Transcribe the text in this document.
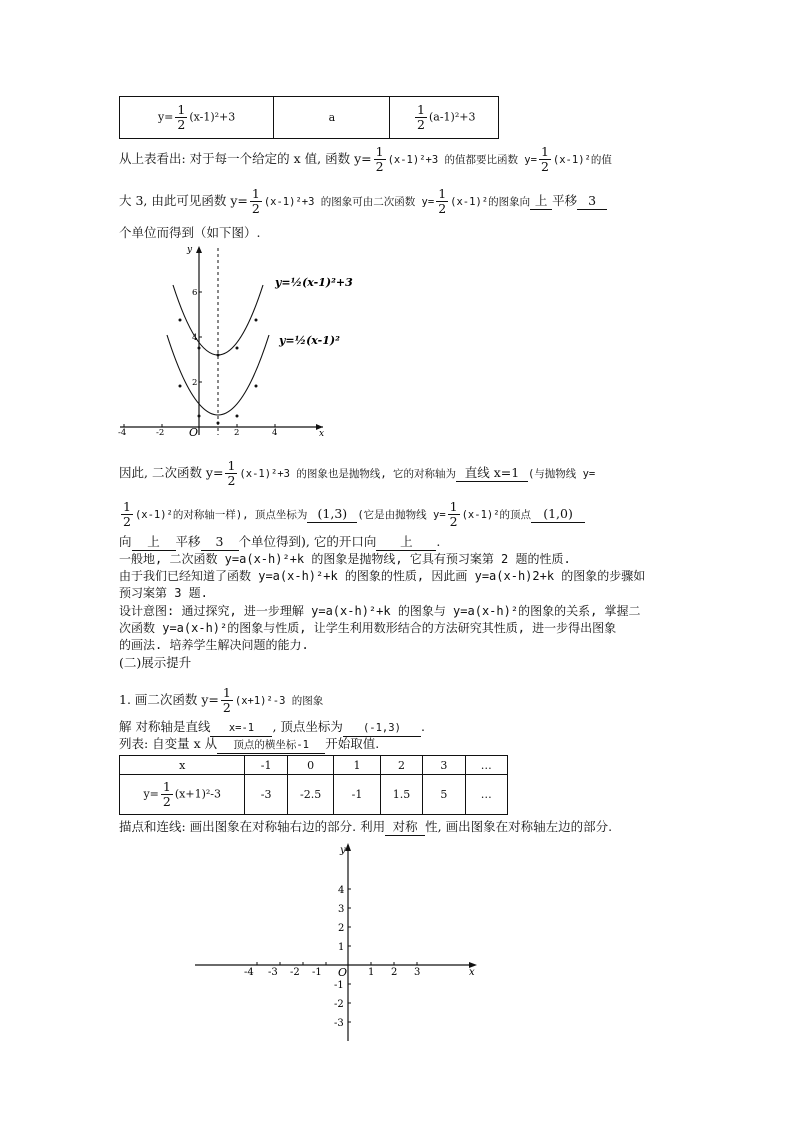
$y= \frac{1}{2} (x-1)^2+3$	a	$\frac{1}{2} (a-1)^2+3$
从上表看出: 对于每一个给定的 x 值, 函数 $y= \frac{1}{2} (x-1)^2+3$ 的值都要比函数 $y= \frac{1}{2} (x-1)^2$的值
大 3, 由此可见函数 $y= \frac{1}{2} (x-1)^2+3$ 的图象可由二次函数 $y= \frac{1}{2} (x-1)^2$的图象向 上 平移 3
个单位而得到（如下图）.
-4	-2	2	4
2
4
6
O	x
y
y=½(x-1)²+3
y=½(x-1)²
因此, 二次函数 $y= \frac{1}{2} (x-1)^2+3$ 的图象也是抛物线, 它的对称轴为 直线 x=1 (与抛物线 y=
$\frac{1}{2} (x-1)^2$的对称轴一样), 顶点坐标为 (1,3) (它是由抛物线 $y= \frac{1}{2} (x-1)^2$的顶点 (1,0)
向 上 平移 3 个单位得到), 它的开口向 上 .
一般地, 二次函数 y=a(x-h)²+k 的图象是抛物线, 它具有预习案第 2 题的性质.
由于我们已经知道了函数 y=a(x-h)²+k 的图象的性质, 因此画 y=a(x-h)2+k 的图象的步骤如
预习案第 3 题.
设计意图: 通过探究, 进一步理解 y=a(x-h)²+k 的图象与 y=a(x-h)²的图象的关系, 掌握二
次函数 y=a(x-h)²的图象与性质, 让学生利用数形结合的方法研究其性质, 进一步得出图象
的画法. 培养学生解决问题的能力.
(二)展示提升
1. 画二次函数 $y= \frac{1}{2} (x+1)^2-3$ 的图象
解 对称轴是直线 x=-1 , 顶点坐标为 (-1,3) .
列表: 自变量 x 从 顶点的横坐标-1 开始取值.
x	-1	0	1	2	3	…
$y= \frac{1}{2} (x+1)^2-3$	-3	-2.5	-1	1.5	5	…
描点和连线: 画出图象在对称轴右边的部分. 利用 对称 性, 画出图象在对称轴左边的部分.
-4 -3 -2 -1 O 1 2 3	x
y
4
3
2
1
-1
-2
-3
